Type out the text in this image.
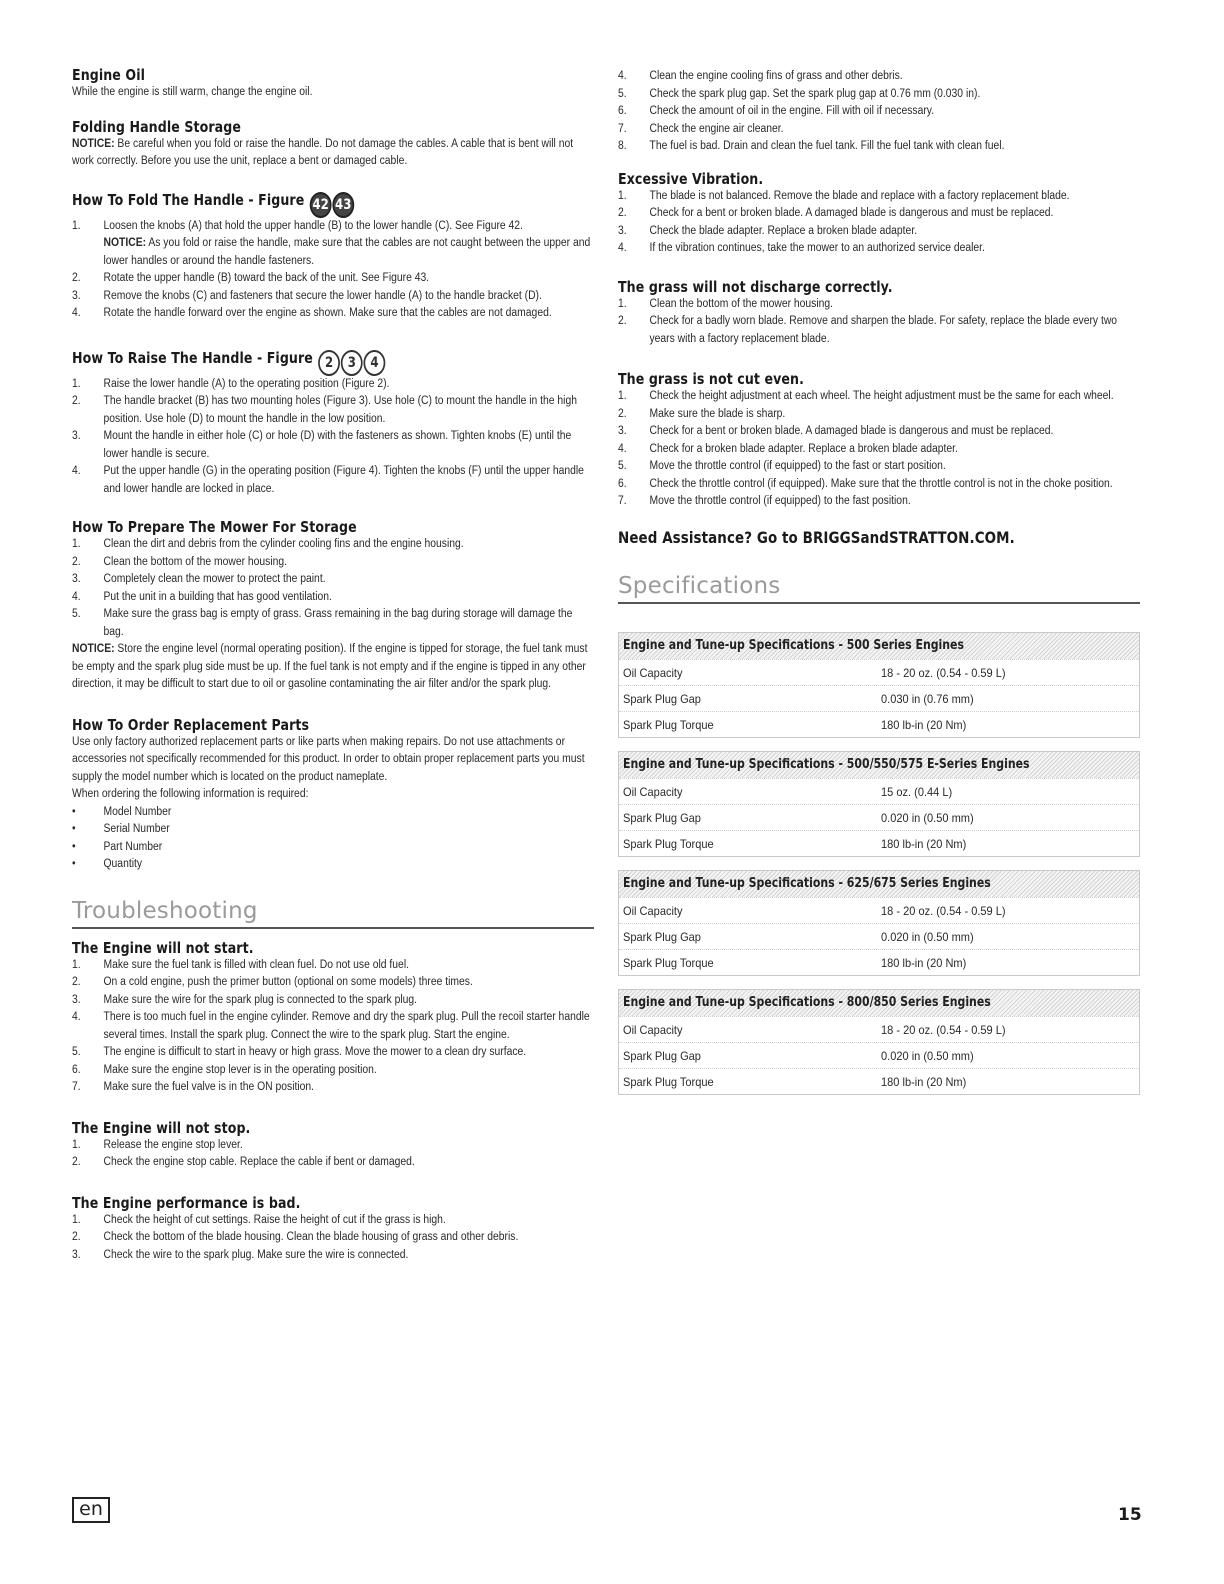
Engine Oil
While the engine is still warm, change the engine oil.
Folding Handle Storage
NOTICE: Be careful when you fold or raise the handle. Do not damage the cables. A cable that is bent will not work correctly. Before you use the unit, replace a bent or damaged cable.
How To Fold The Handle - Figure 42 43
1. Loosen the knobs (A) that hold the upper handle (B) to the lower handle (C). See Figure 42.
NOTICE: As you fold or raise the handle, make sure that the cables are not caught between the upper and lower handles or around the handle fasteners.
2. Rotate the upper handle (B) toward the back of the unit. See Figure 43.
3. Remove the knobs (C) and fasteners that secure the lower handle (A) to the handle bracket (D).
4. Rotate the handle forward over the engine as shown. Make sure that the cables are not damaged.
How To Raise The Handle - Figure 2 3 4
1. Raise the lower handle (A) to the operating position (Figure 2).
2. The handle bracket (B) has two mounting holes (Figure 3). Use hole (C) to mount the handle in the high position. Use hole (D) to mount the handle in the low position.
3. Mount the handle in either hole (C) or hole (D) with the fasteners as shown. Tighten knobs (E) until the lower handle is secure.
4. Put the upper handle (G) in the operating position (Figure 4). Tighten the knobs (F) until the upper handle and lower handle are locked in place.
How To Prepare The Mower For Storage
1. Clean the dirt and debris from the cylinder cooling fins and the engine housing.
2. Clean the bottom of the mower housing.
3. Completely clean the mower to protect the paint.
4. Put the unit in a building that has good ventilation.
5. Make sure the grass bag is empty of grass. Grass remaining in the bag during storage will damage the bag.
NOTICE: Store the engine level (normal operating position). If the engine is tipped for storage, the fuel tank must be empty and the spark plug side must be up. If the fuel tank is not empty and if the engine is tipped in any other direction, it may be difficult to start due to oil or gasoline contaminating the air filter and/or the spark plug.
How To Order Replacement Parts
Use only factory authorized replacement parts or like parts when making repairs. Do not use attachments or accessories not specifically recommended for this product. In order to obtain proper replacement parts you must supply the model number which is located on the product nameplate.
When ordering the following information is required:
• Model Number
• Serial Number
• Part Number
• Quantity
Troubleshooting
The Engine will not start.
1. Make sure the fuel tank is filled with clean fuel. Do not use old fuel.
2. On a cold engine, push the primer button (optional on some models) three times.
3. Make sure the wire for the spark plug is connected to the spark plug.
4. There is too much fuel in the engine cylinder. Remove and dry the spark plug. Pull the recoil starter handle several times. Install the spark plug. Connect the wire to the spark plug. Start the engine.
5. The engine is difficult to start in heavy or high grass. Move the mower to a clean dry surface.
6. Make sure the engine stop lever is in the operating position.
7. Make sure the fuel valve is in the ON position.
The Engine will not stop.
1. Release the engine stop lever.
2. Check the engine stop cable. Replace the cable if bent or damaged.
The Engine performance is bad.
1. Check the height of cut settings. Raise the height of cut if the grass is high.
2. Check the bottom of the blade housing. Clean the blade housing of grass and other debris.
3. Check the wire to the spark plug. Make sure the wire is connected.
4. Clean the engine cooling fins of grass and other debris.
5. Check the spark plug gap. Set the spark plug gap at 0.76 mm (0.030 in).
6. Check the amount of oil in the engine. Fill with oil if necessary.
7. Check the engine air cleaner.
8. The fuel is bad. Drain and clean the fuel tank. Fill the fuel tank with clean fuel.
Excessive Vibration.
1. The blade is not balanced. Remove the blade and replace with a factory replacement blade.
2. Check for a bent or broken blade. A damaged blade is dangerous and must be replaced.
3. Check the blade adapter. Replace a broken blade adapter.
4. If the vibration continues, take the mower to an authorized service dealer.
The grass will not discharge correctly.
1. Clean the bottom of the mower housing.
2. Check for a badly worn blade. Remove and sharpen the blade. For safety, replace the blade every two years with a factory replacement blade.
The grass is not cut even.
1. Check the height adjustment at each wheel. The height adjustment must be the same for each wheel.
2. Make sure the blade is sharp.
3. Check for a bent or broken blade. A damaged blade is dangerous and must be replaced.
4. Check for a broken blade adapter. Replace a broken blade adapter.
5. Move the throttle control (if equipped) to the fast or start position.
6. Check the throttle control (if equipped). Make sure that the throttle control is not in the choke position.
7. Move the throttle control (if equipped) to the fast position.
Need Assistance? Go to BRIGGSandSTRATTON.COM.
Specifications
Engine and Tune-up Specifications - 500 Series Engines
Oil Capacity	18 - 20 oz. (0.54 - 0.59 L)
Spark Plug Gap	0.030 in (0.76 mm)
Spark Plug Torque	180 lb-in (20 Nm)
Engine and Tune-up Specifications - 500/550/575 E-Series Engines
Oil Capacity	15 oz. (0.44 L)
Spark Plug Gap	0.020 in (0.50 mm)
Spark Plug Torque	180 lb-in (20 Nm)
Engine and Tune-up Specifications - 625/675 Series Engines
Oil Capacity	18 - 20 oz. (0.54 - 0.59 L)
Spark Plug Gap	0.020 in (0.50 mm)
Spark Plug Torque	180 lb-in (20 Nm)
Engine and Tune-up Specifications - 800/850 Series Engines
Oil Capacity	18 - 20 oz. (0.54 - 0.59 L)
Spark Plug Gap	0.020 in (0.50 mm)
Spark Plug Torque	180 lb-in (20 Nm)
en	15
